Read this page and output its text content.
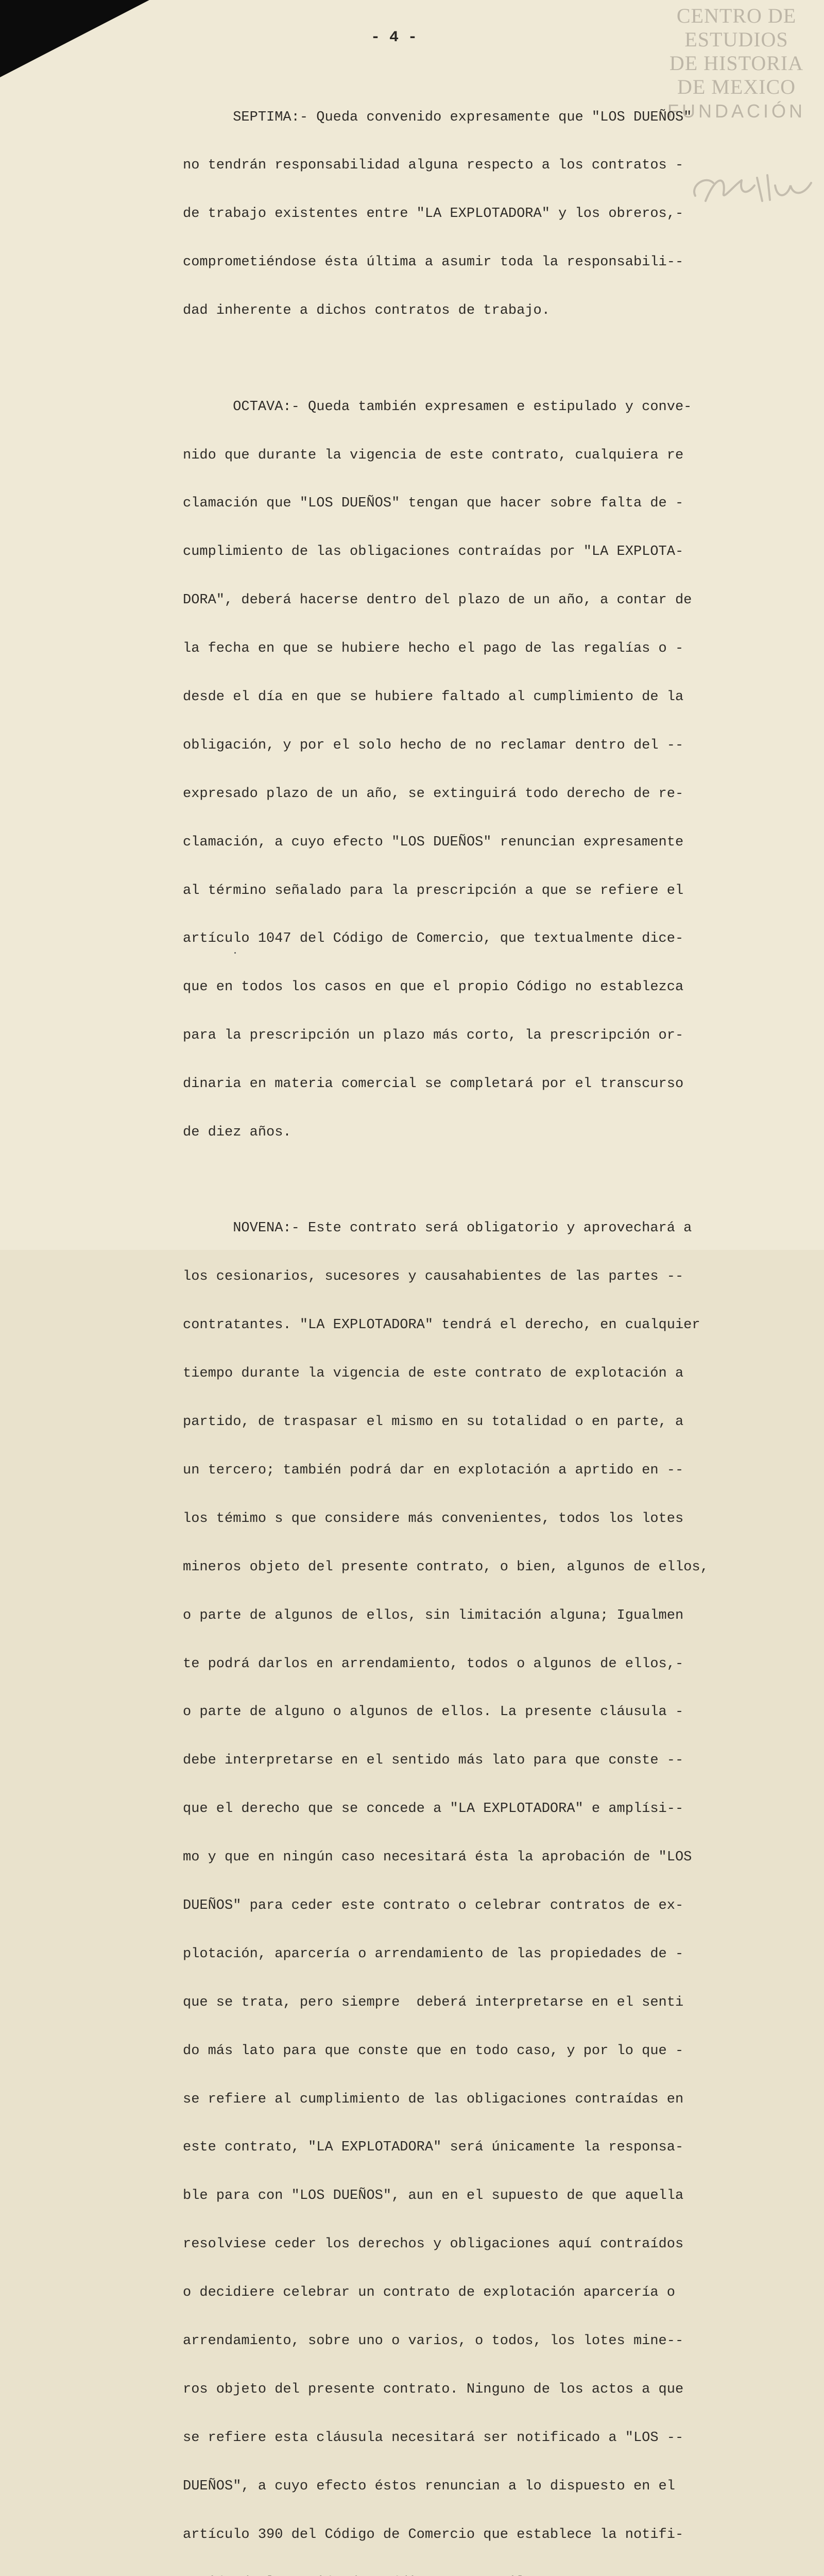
CENTRO DE
ESTUDIOS
DE HISTORIA
DE MEXICO
FUNDACIÓN
- 4 -

SEPTIMA:- Queda convenido expresamente que "LOS DUEÑOS"

no tendrán responsabilidad alguna respecto a los contratos -

de trabajo existentes entre "LA EXPLOTADORA" y los obreros,-

comprometiéndose ésta última a asumir toda la responsabili--

dad inherente a dichos contratos de trabajo.

OCTAVA:- Queda también expresamen e estipulado y conve-

nido que durante la vigencia de este contrato, cualquiera re

clamación que "LOS DUEÑOS" tengan que hacer sobre falta de -

cumplimiento de las obligaciones contraídas por "LA EXPLOTA-

DORA", deberá hacerse dentro del plazo de un año, a contar de

la fecha en que se hubiere hecho el pago de las regalías o -

desde el día en que se hubiere faltado al cumplimiento de la

obligación, y por el solo hecho de no reclamar dentro del --

expresado plazo de un año, se extinguirá todo derecho de re-

clamación, a cuyo efecto "LOS DUEÑOS" renuncian expresamente

al término señalado para la prescripción a que se refiere el

artículo 1047 del Código de Comercio, que textualmente dice-

que en todos los casos en que el propio Código no establezca

para la prescripción un plazo más corto, la prescripción or-

dinaria en materia comercial se completará por el transcurso

de diez años.

NOVENA:- Este contrato será obligatorio y aprovechará a

los cesionarios, sucesores y causahabientes de las partes --

contratantes. "LA EXPLOTADORA" tendrá el derecho, en cualquier

tiempo durante la vigencia de este contrato de explotación a

partido, de traspasar el mismo en su totalidad o en parte, a

un tercero; también podrá dar en explotación a aprtido en --

los témimo s que considere más convenientes, todos los lotes

mineros objeto del presente contrato, o bien, algunos de ellos,

o parte de algunos de ellos, sin limitación alguna; Igualmen

te podrá darlos en arrendamiento, todos o algunos de ellos,-

o parte de alguno o algunos de ellos. La presente cláusula -

debe interpretarse en el sentido más lato para que conste --

que el derecho que se concede a "LA EXPLOTADORA" e amplísi--

mo y que en ningún caso necesitará ésta la aprobación de "LOS

DUEÑOS" para ceder este contrato o celebrar contratos de ex-

plotación, aparcería o arrendamiento de las propiedades de -

que se trata, pero siempre  deberá interpretarse en el senti

do más lato para que conste que en todo caso, y por lo que -

se refiere al cumplimiento de las obligaciones contraídas en

este contrato, "LA EXPLOTADORA" será únicamente la responsa-

ble para con "LOS DUEÑOS", aun en el supuesto de que aquella

resolviese ceder los derechos y obligaciones aquí contraídos

o decidiere celebrar un contrato de explotación aparcería o

arrendamiento, sobre uno o varios, o todos, los lotes mine--

ros objeto del presente contrato. Ninguno de los actos a que

se refiere esta cláusula necesitará ser notificado a "LOS --

DUEÑOS", a cuyo efecto éstos renuncian a lo dispuesto en el

artículo 390 del Código de Comercio que establece la notifi-
